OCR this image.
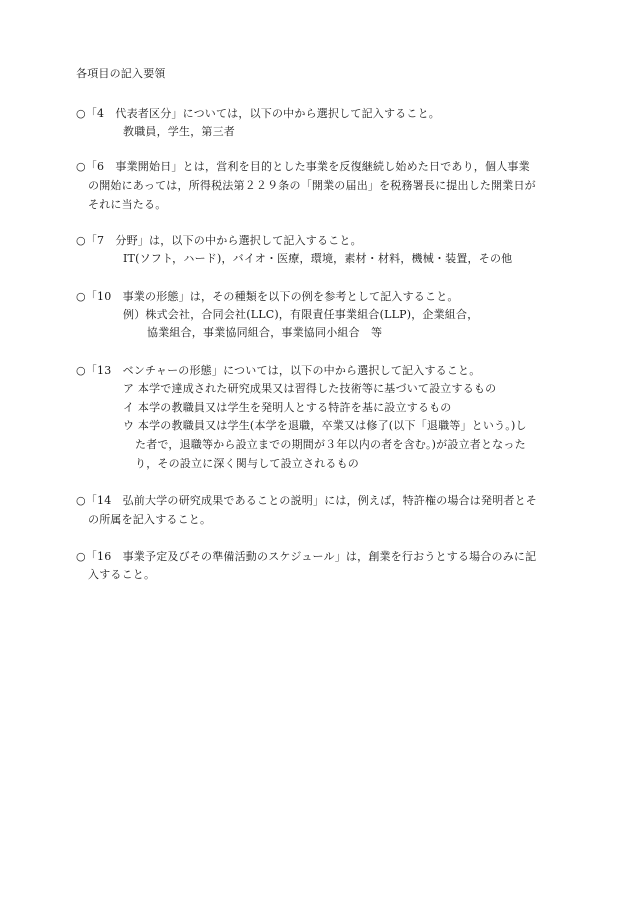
各項目の記入要領
○「4　代表者区分」については，以下の中から選択して記入すること。
教職員，学生，第三者
○「6　事業開始日」とは，営利を目的とした事業を反復継続し始めた日であり，個人事業
の開始にあっては，所得税法第２２９条の「開業の届出」を税務署長に提出した開業日が
それに当たる。
○「7　分野」は，以下の中から選択して記入すること。
IT(ソフト，ハード)，バイオ・医療，環境，素材・材料，機械・装置，その他
○「10　事業の形態」は，その種類を以下の例を参考として記入すること。
例）株式会社，合同会社(LLC)，有限責任事業組合(LLP)，企業組合，
協業組合，事業協同組合，事業協同小組合　等
○「13　ベンチャーの形態」については，以下の中から選択して記入すること。
ア 本学で達成された研究成果又は習得した技術等に基づいて設立するもの
イ 本学の教職員又は学生を発明人とする特許を基に設立するもの
ウ 本学の教職員又は学生(本学を退職，卒業又は修了(以下「退職等」という。)し
た者で，退職等から設立までの期間が３年以内の者を含む。)が設立者となった
り，その設立に深く関与して設立されるもの
○「14　弘前大学の研究成果であることの説明」には，例えば，特許権の場合は発明者とそ
の所属を記入すること。
○「16　事業予定及びその準備活動のスケジュール」は，創業を行おうとする場合のみに記
入すること。
